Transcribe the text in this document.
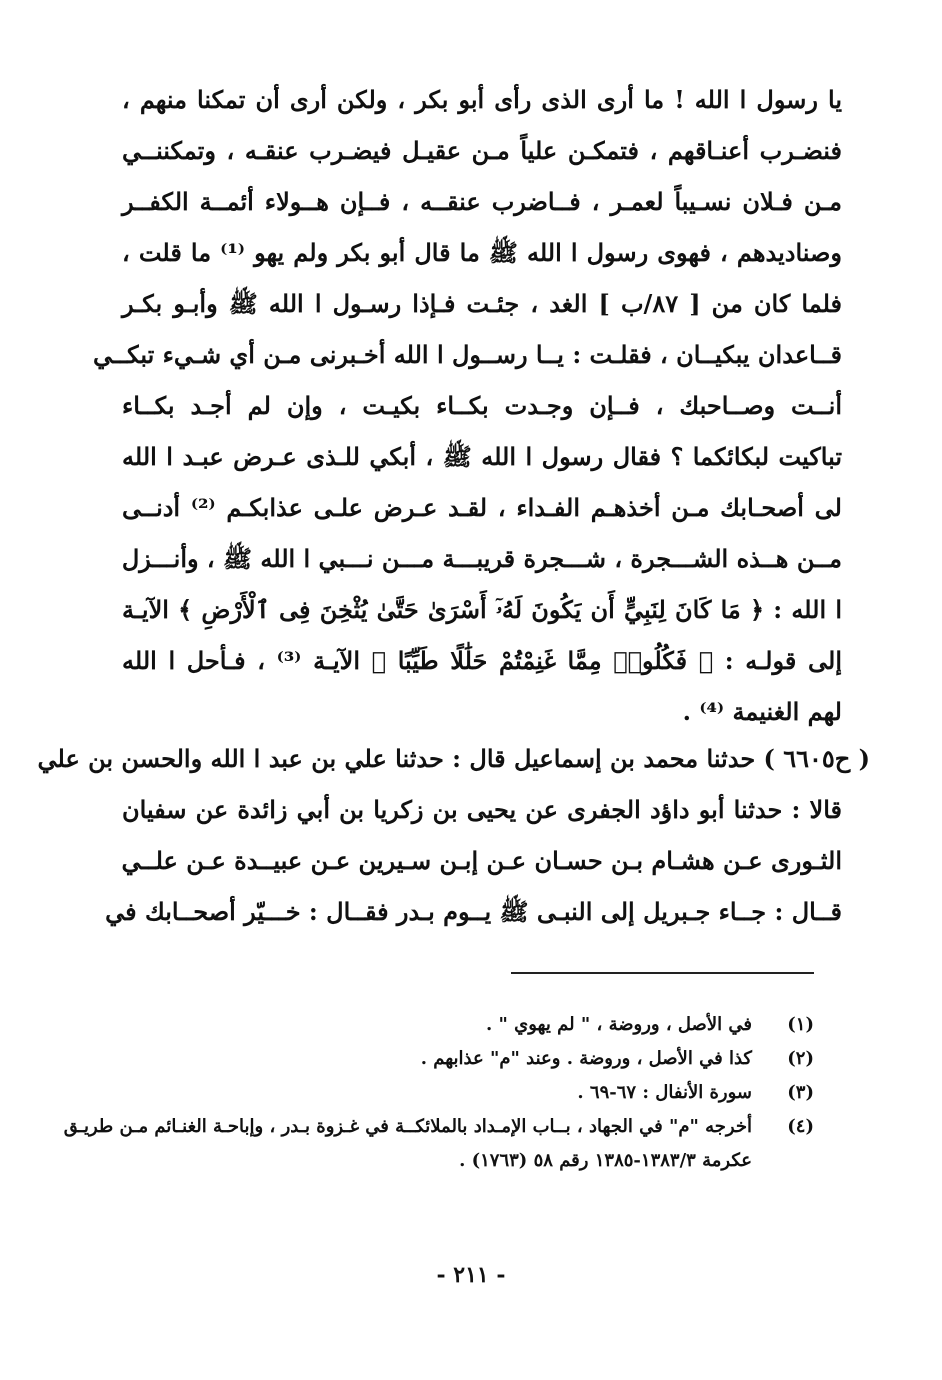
يا رسول ا الله ! ما أرى الذى رأى أبو بكر ، ولكن أرى أن تمكنا منهم ،
فنضـرب أعنـاقهم ، فتمكـن علياً مـن عقيـل فيضـرب عنقـه ، وتمكننــي
مـن فـلان نسـيباً لعمـر ، فــاضرب عنقــه ، فــإن هــولاء أئمــة الكفــر
وصناديدهم ، فهوى رسول ا الله ﷺ ما قال أبو بكر ولم يهو ⁽¹⁾ ما قلت ،
فلما كان من [ ٨٧/ب ] الغد ، جئـت فـإذا رسـول ا الله ﷺ وأبـو بكـر
قــاعدان يبكيــان ، فقلـت : يــا رســول ا الله أخـبرنى مـن أي شـيء تبكــي
أنــت وصــاحبك ، فــإن وجـدت بكــاء بكيـت ، وإن لم أجـد بكــاء
تباكيت لبكائكما ؟ فقال رسول ا الله ﷺ ، أبكي للـذى عـرض عبـد ا الله
لى أصحـابك مـن أخذهـم الفـداء ، لقـد عـرض علـى عذابكـم ⁽²⁾ أدنــى
مــن هــذه الشـــجرة ، شـــجرة قريبـــة مـــن نـــبي ا الله ﷺ ، وأنـــزل
ا الله : ﴿ مَا كَانَ لِنَبِيٍّ أَن يَكُونَ لَهُۥٓ أَسْرَىٰ حَتَّىٰ يُثْخِنَ فِى ٱلْأَرْضِ ﴾ الآيـة
إلى قولـه : ﴿ فَكُلُوا۟ مِمَّا غَنِمْتُمْ حَلَٰلًا طَيِّبًا ﴾ الآيـة ⁽³⁾ ، فـأحل ا الله
لهم الغنيمة ⁽⁴⁾ .
( ح٦٦٠٥ ) حدثنا محمد بن إسماعيل قال : حدثنا علي بن عبد ا الله والحسن بن علي
قالا : حدثنا أبو داؤد الجفرى عن يحيى بن زكريا بن أبي زائدة عن سفيان
الثـورى عـن هشـام بـن حسـان عـن إبـن سـيرين عـن عبيــدة عـن علــي
قــال : جــاء جـبريل إلى النبـى ﷺ يــوم بـدر فقــال : خـــيّر أصحــابك في
(١)
في الأصل ، وروضة ، " لم يهوي " .
(٢)
كذا في الأصل ، وروضة . وعند "م" عذابهم .
(٣)
سورة الأنفال : ٦٧-٦٩ .
(٤)
أخرجه "م" في الجهاد ، بــاب الإمـداد بالملائكــة في غـزوة بـدر ، وإباحـة الغنـائم مـن طريـق
عكرمة ١٣٨٣/٣-١٣٨٥ رقم ٥٨ (١٧٦٣) .
- ٢١١ -
